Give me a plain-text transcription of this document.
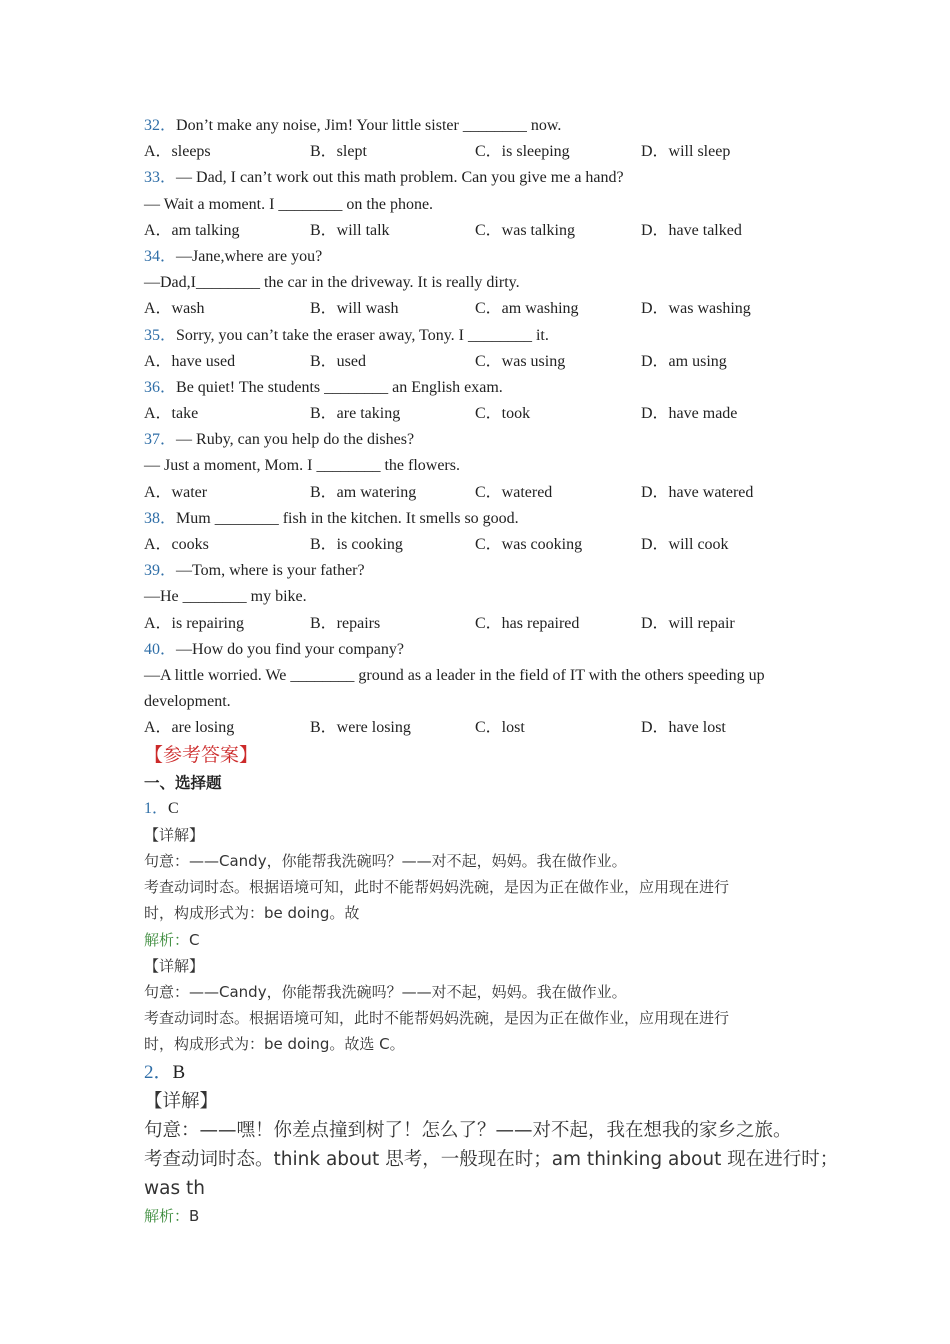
32．Don’t make any noise, Jim! Your little sister ________ now.
A．sleeps	B．slept	C．is sleeping	D．will sleep
33．— Dad, I can’t work out this math problem. Can you give me a hand?
— Wait a moment. I ________ on the phone.
A．am talking	B．will talk	C．was talking	D．have talked
34．—Jane,where are you?
—Dad,I________ the car in the driveway. It is really dirty.
A．wash	B．will wash	C．am washing	D．was washing
35．Sorry, you can’t take the eraser away, Tony. I ________ it.
A．have used	B．used	C．was using	D．am using
36．Be quiet! The students ________ an English exam.
A．take	B．are taking	C．took	D．have made
37．— Ruby, can you help do the dishes?
— Just a moment, Mom. I ________ the flowers.
A．water	B．am watering	C．watered	D．have watered
38．Mum ________ fish in the kitchen. It smells so good.
A．cooks	B．is cooking	C．was cooking	D．will cook
39．—Tom, where is your father?
—He ________ my bike.
A．is repairing	B．repairs	C．has repaired	D．will repair
40．—How do you find your company?
—A little worried. We ________ ground as a leader in the field of IT with the others speeding up
development.
A．are losing	B．were losing	C．lost	D．have lost
【参考答案】
一、选择题
1．C
【详解】
句意：——Candy，你能帮我洗碗吗？——对不起，妈妈。我在做作业。
考查动词时态。根据语境可知，此时不能帮妈妈洗碗，是因为正在做作业，应用现在进行
时，构成形式为：be doing。故
解析：C
【详解】
句意：——Candy，你能帮我洗碗吗？——对不起，妈妈。我在做作业。
考查动词时态。根据语境可知，此时不能帮妈妈洗碗，是因为正在做作业，应用现在进行
时，构成形式为：be doing。故选 C。
2．B
【详解】
句意：——嘿！你差点撞到树了！怎么了？——对不起，我在想我的家乡之旅。
考查动词时态。think about 思考，一般现在时；am thinking about 现在进行时；
was th
解析：B
